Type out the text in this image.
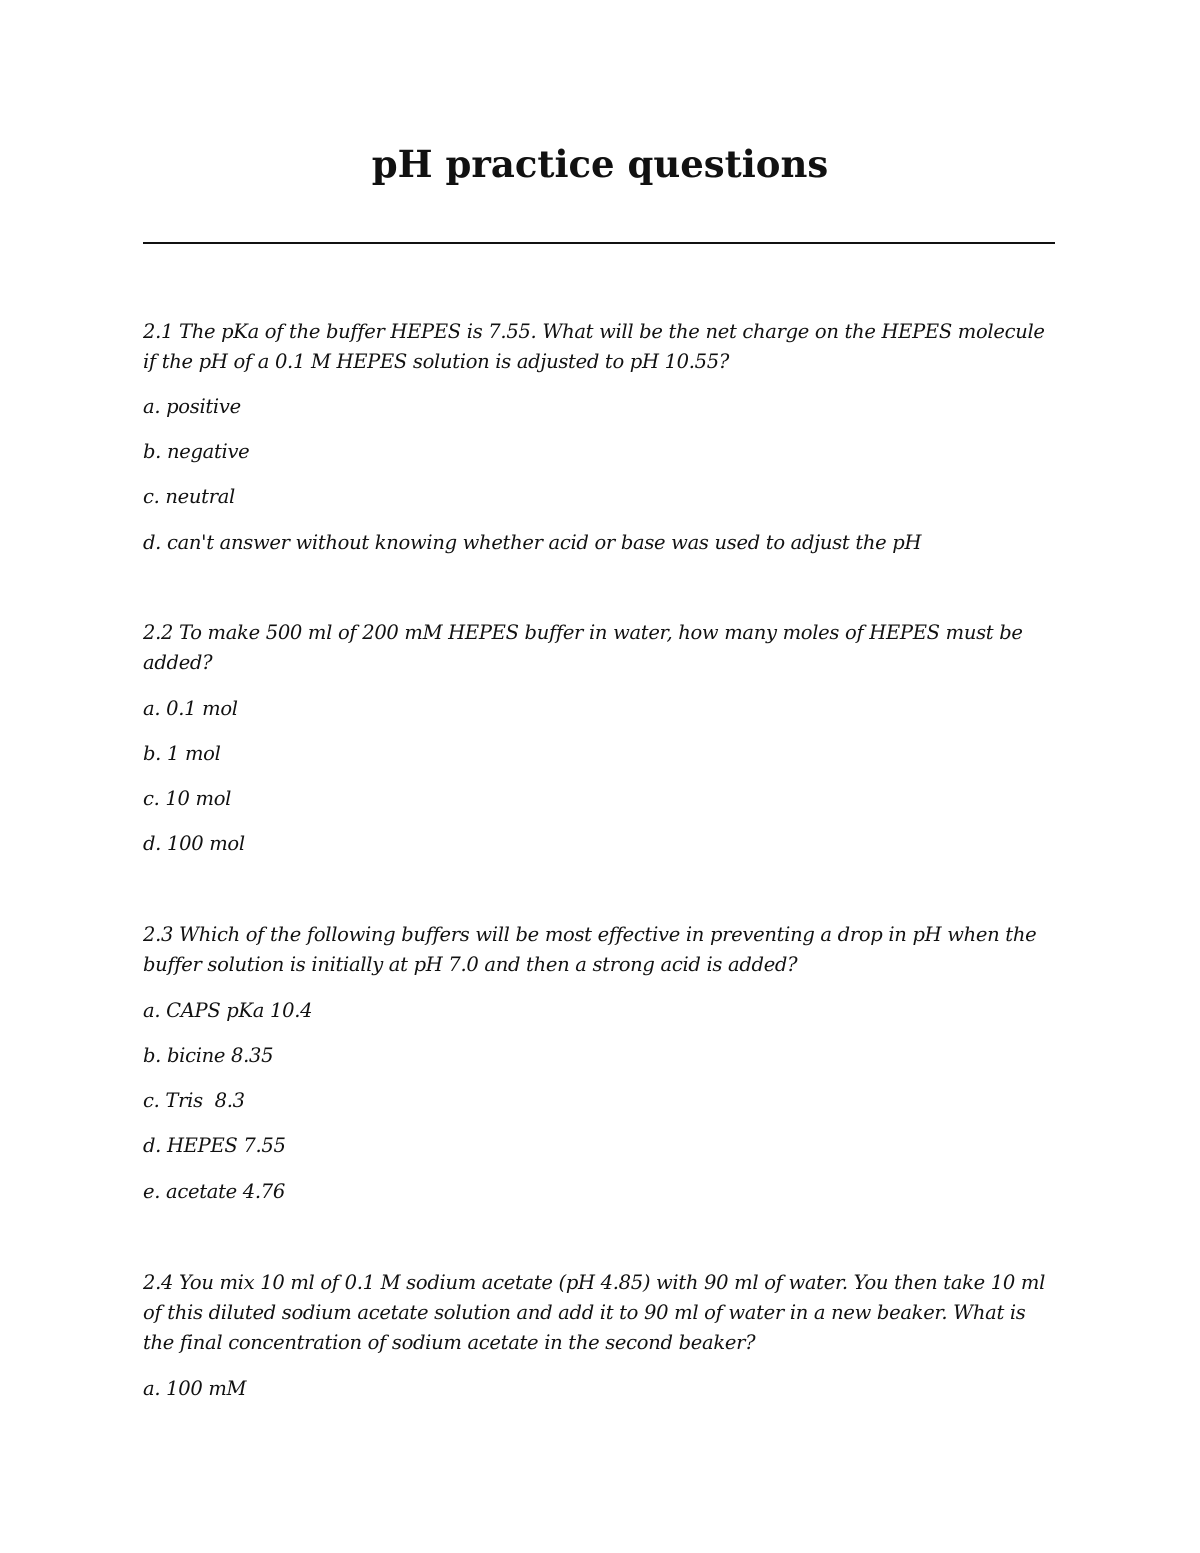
pH practice questions

2.1 The pKa of the buffer HEPES is 7.55. What will be the net charge on the HEPES molecule if the pH of a 0.1 M HEPES solution is adjusted to pH 10.55?

a. positive

b. negative

c. neutral

d. can't answer without knowing whether acid or base was used to adjust the pH

2.2 To make 500 ml of 200 mM HEPES buffer in water, how many moles of HEPES must be added?

a. 0.1 mol

b. 1 mol

c. 10 mol

d. 100 mol

2.3 Which of the following buffers will be most effective in preventing a drop in pH when the buffer solution is initially at pH 7.0 and then a strong acid is added?

a. CAPS pKa 10.4

b. bicine 8.35

c. Tris  8.3

d. HEPES 7.55

e. acetate 4.76

2.4 You mix 10 ml of 0.1 M sodium acetate (pH 4.85) with 90 ml of water. You then take 10 ml of this diluted sodium acetate solution and add it to 90 ml of water in a new beaker. What is the final concentration of sodium acetate in the second beaker?

a. 100 mM
